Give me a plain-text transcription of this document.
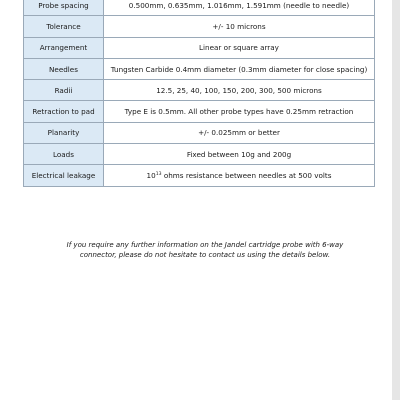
Probe spacing	0.500mm, 0.635mm, 1.016mm, 1.591mm (needle to needle)
Tolerance	+/- 10 microns
Arrangement	Linear or square array
Needles	Tungsten Carbide 0.4mm diameter (0.3mm diameter for close spacing)
Radii	12.5, 25, 40, 100, 150, 200, 300, 500 microns
Retraction to pad	Type E is 0.5mm. All other probe types have 0.25mm retraction
Planarity	+/- 0.025mm or better
Loads	Fixed between 10g and 200g
Electrical leakage	$10^{13}$ ohms resistance between needles at 500 volts
If you require any further information on the Jandel cartridge probe with 6-way
connector, please do not hesitate to contact us using the details below.
